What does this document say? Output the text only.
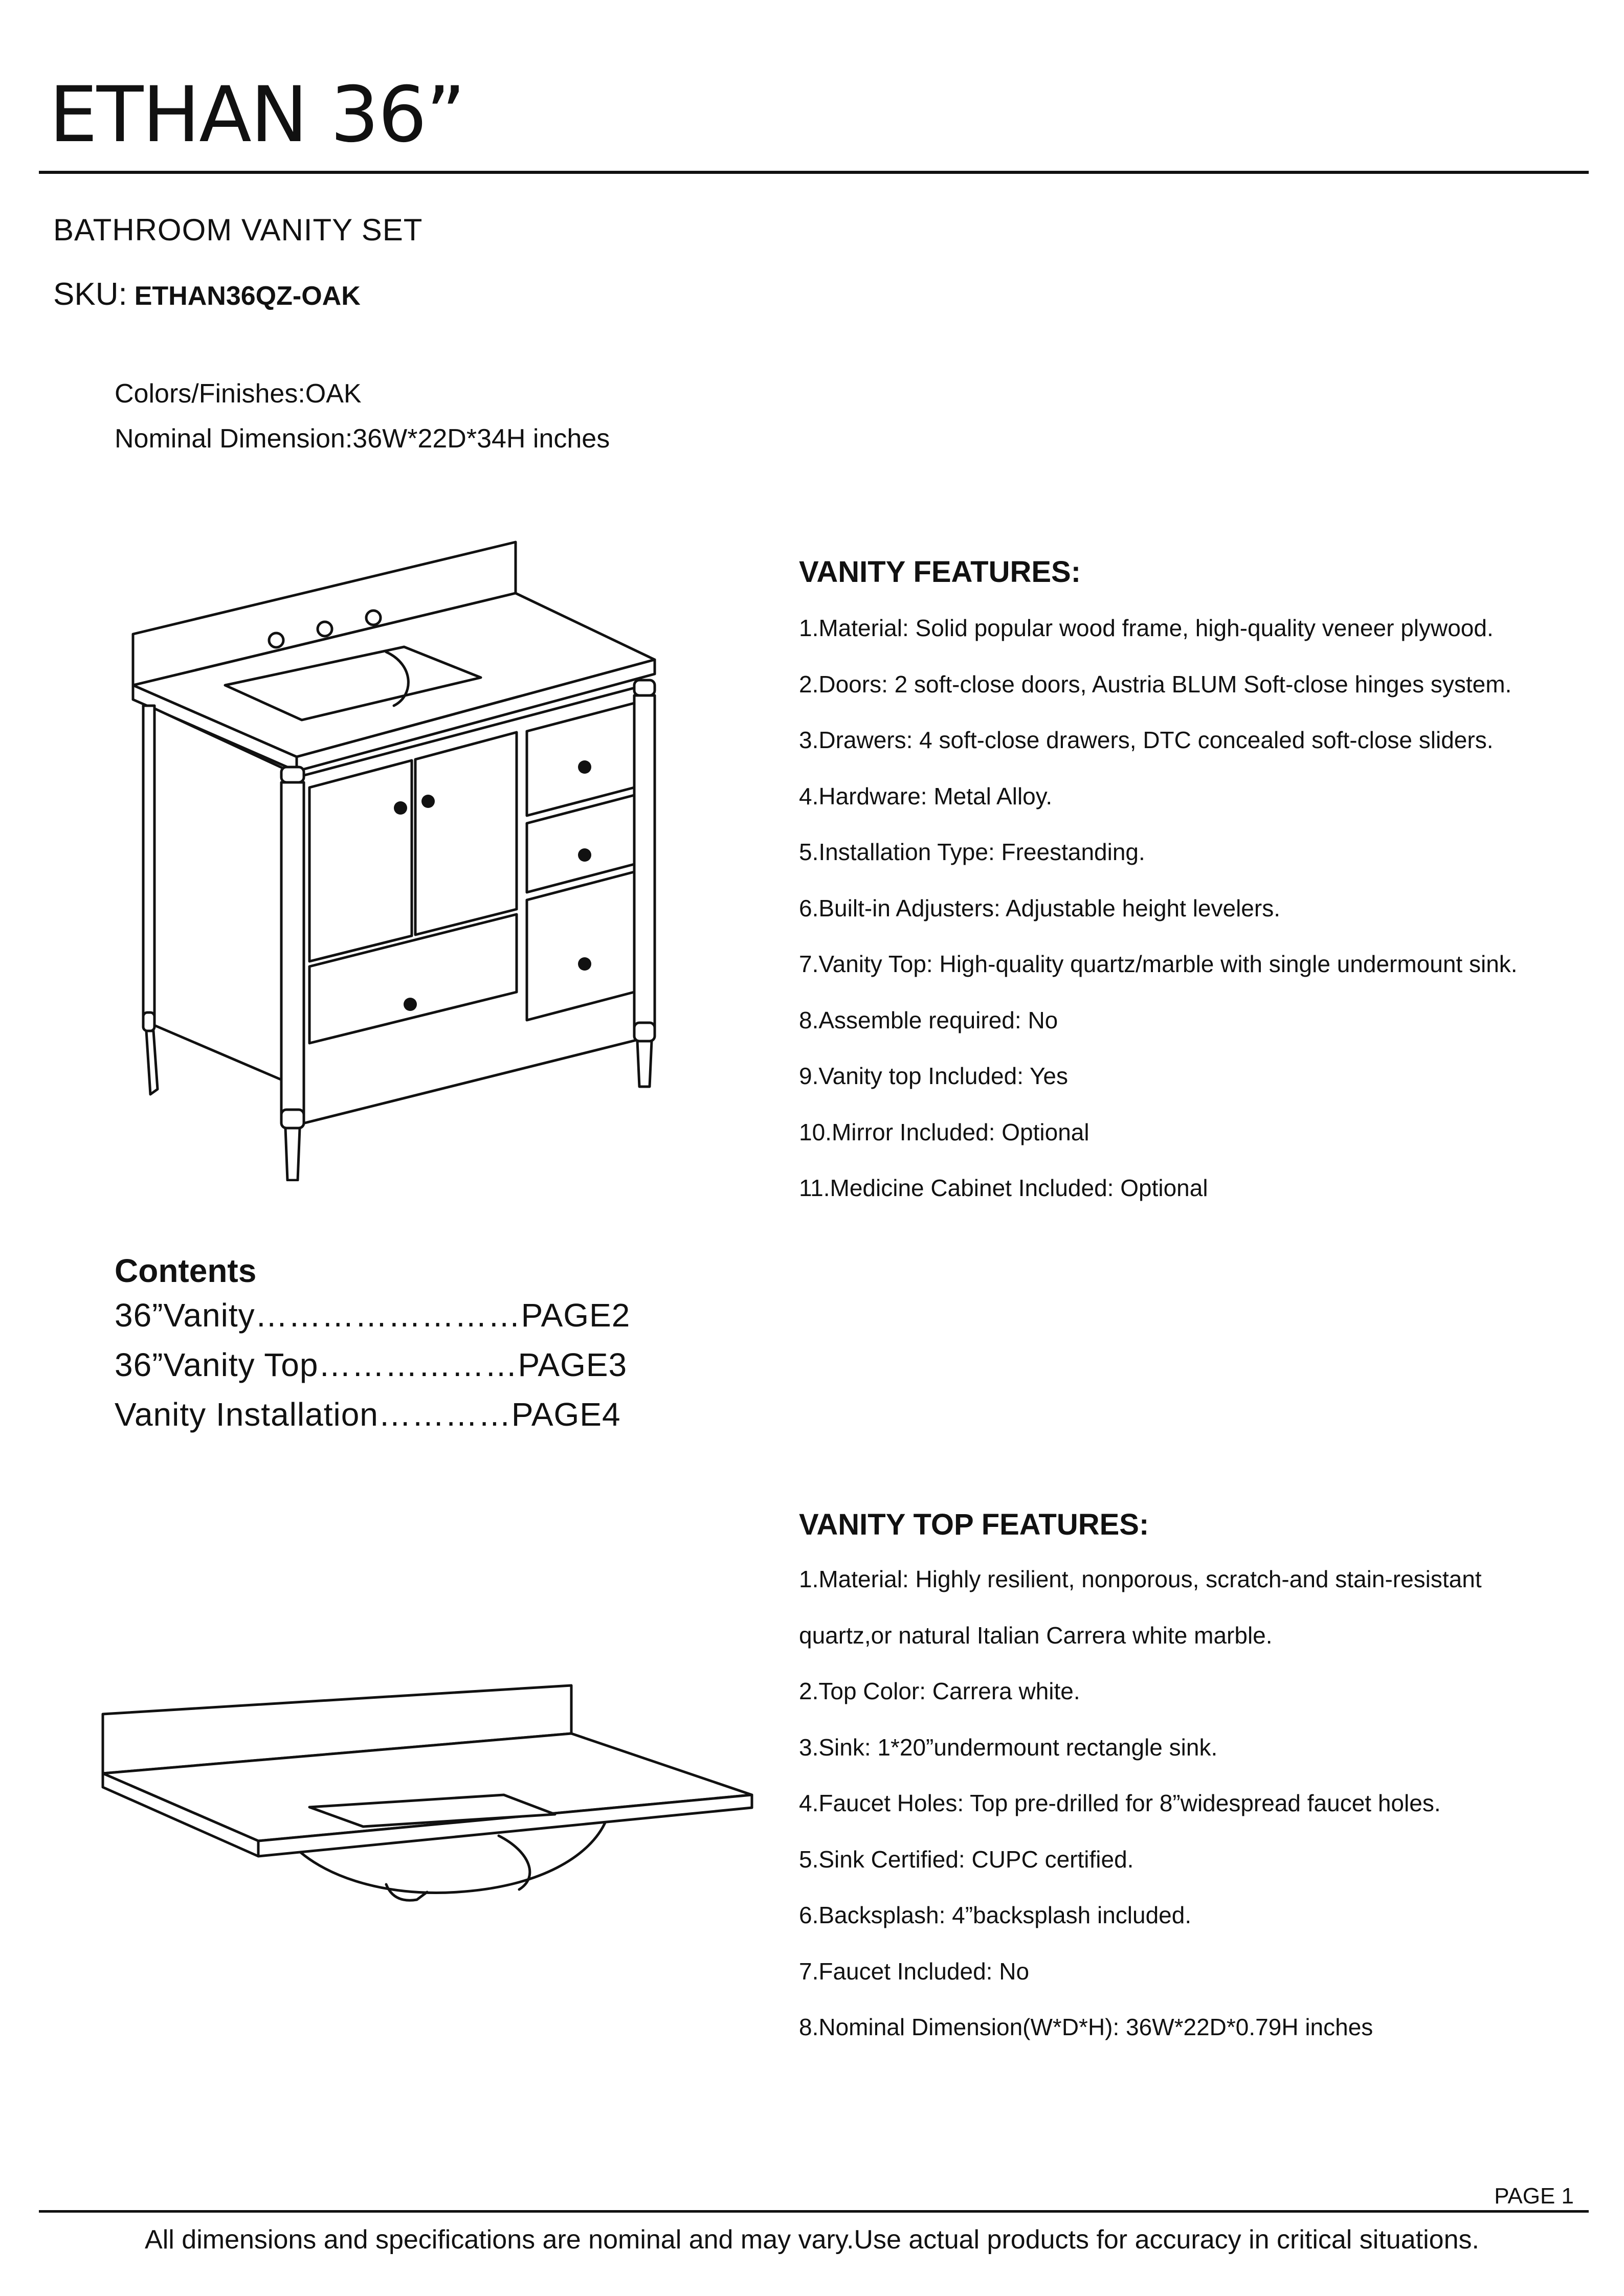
ETHAN 36”
BATHROOM VANITY SET
SKU: ETHAN36QZ-OAK
Colors/Finishes:OAK
Nominal Dimension:36W*22D*34H inches
VANITY FEATURES:
1.Material: Solid popular wood frame, high-quality veneer plywood.
2.Doors: 2 soft-close doors, Austria BLUM Soft-close hinges system.
3.Drawers: 4 soft-close drawers, DTC concealed soft-close sliders.
4.Hardware: Metal Alloy.
5.Installation Type: Freestanding.
6.Built-in Adjusters: Adjustable height levelers.
7.Vanity Top: High-quality quartz/marble with single undermount sink.
8.Assemble required: No
9.Vanity top Included: Yes
10.Mirror Included: Optional
11.Medicine Cabinet Included: Optional
Contents
36”Vanity……………………PAGE2
36”Vanity Top………………PAGE3
Vanity Installation…………PAGE4
VANITY TOP FEATURES:
1.Material: Highly resilient, nonporous, scratch-and stain-resistant
quartz,or natural Italian Carrera white marble.
2.Top Color: Carrera white.
3.Sink: 1*20”undermount rectangle sink.
4.Faucet Holes: Top pre-drilled for 8”widespread faucet holes.
5.Sink Certified: CUPC certified.
6.Backsplash: 4”backsplash included.
7.Faucet Included: No
8.Nominal Dimension(W*D*H): 36W*22D*0.79H inches
PAGE 1
All dimensions and specifications are nominal and may vary.Use actual products for accuracy in critical situations.
